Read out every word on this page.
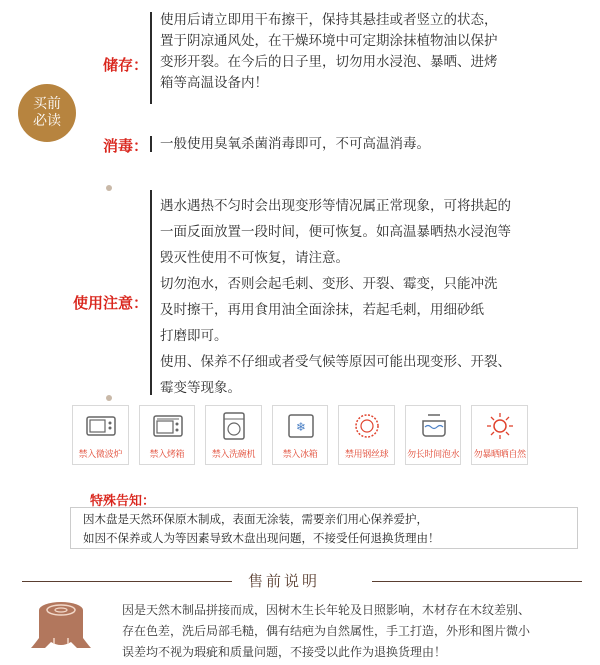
买前
必读
储存：

使用后请立即用干布擦干，保持其悬挂或者竖立的状态，

置于阴凉通风处，在干燥环境中可定期涂抹植物油以保护

变形开裂。在今后的日子里，切勿用水浸泡、暴晒、进烤

箱等高温设备内！

消毒： 一般使用臭氧杀菌消毒即可，不可高温消毒。

使用注意：

遇水遇热不匀时会出现变形等情况属正常现象，可将拱起的

一面反面放置一段时间，便可恢复。如高温暴晒热水浸泡等

毁灭性使用不可恢复，请注意。

切勿泡水，否则会起毛刺、变形、开裂、霉变，只能冲洗

及时擦干，再用食用油全面涂抹，若起毛刺，用细砂纸

打磨即可。

使用、保养不仔细或者受气候等原因可能出现变形、开裂、

霉变等现象。

禁入微波炉	禁入烤箱	禁入洗碗机
❄
禁入冰箱	禁用钢丝球	勿长时间泡水 勿暴晒晒自然
特殊告知：

因木盘是天然环保原木制成，表面无涂装，需要亲们用心保养爱护，

如因不保养或人为等因素导致木盘出现问题，不接受任何退换货理由！

售前说明

因是天然木制品拼接而成，因树木生长年轮及日照影响，木材存在木纹差别、

存在色差，洗后局部毛糙，偶有结疤为自然属性，手工打造，外形和图片微小

误差均不视为瑕疵和质量问题，不接受以此作为退换货理由！
